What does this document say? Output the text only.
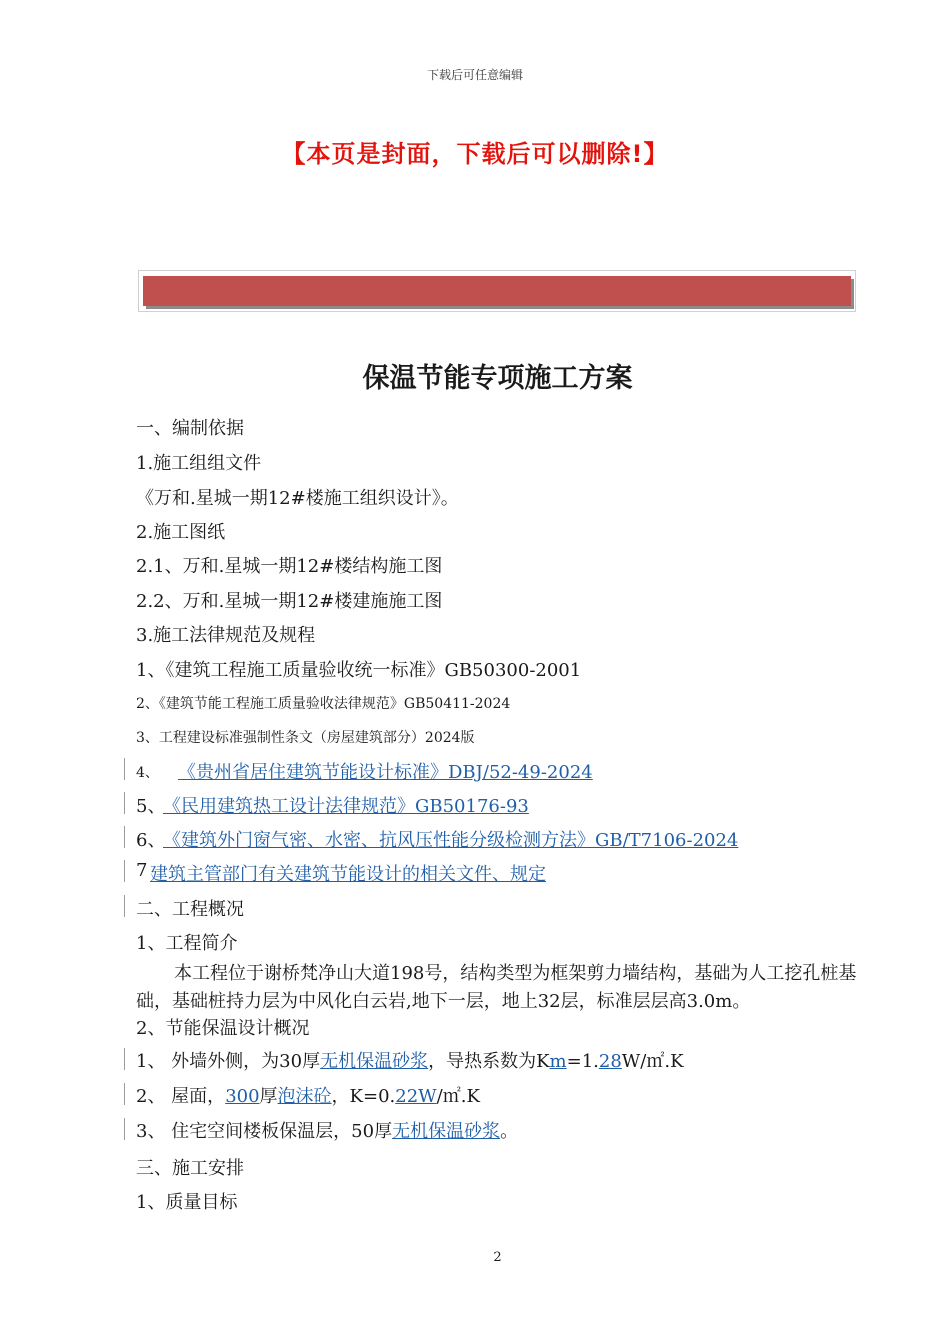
下载后可任意编辑
【本页是封面，下载后可以删除!】
保温节能专项施工方案
一、编制依据
1.施工组组文件
《万和.星城一期12#楼施工组织设计》。
2.施工图纸
2.1、万和.星城一期12#楼结构施工图
2.2、万和.星城一期12#楼建施施工图
3.施工法律规范及规程
1、《建筑工程施工质量验收统一标准》GB50300-2001
2、《建筑节能工程施工质量验收法律规范》GB50411-2024
3、工程建设标准强制性条文（房屋建筑部分）2024版
4、 《贵州省居住建筑节能设计标准》DBJ/52-49-2024
5、
《民用建筑热工设计法律规范》GB50176-93
6、
《建筑外门窗气密、水密、抗风压性能分级检测方法》GB/T7106-2024
7 建筑主管部门有关建筑节能设计的相关文件、规定
二、工程概况
1、工程简介
本工程位于谢桥梵净山大道198号，结构类型为框架剪力墙结构，基础为人工挖孔桩基础，基础桩持力层为中风化白云岩,地下一层，地上32层，标准层层高3.0m。
2、节能保温设计概况
1、 外墙外侧，为30厚无机保温砂浆，导热系数为Km=1.28W/㎡.K
2、 屋面，300厚泡沫砼，K=0.22W/㎡.K
3、 住宅空间楼板保温层，50厚无机保温砂浆。
三、施工安排
1、质量目标
2
